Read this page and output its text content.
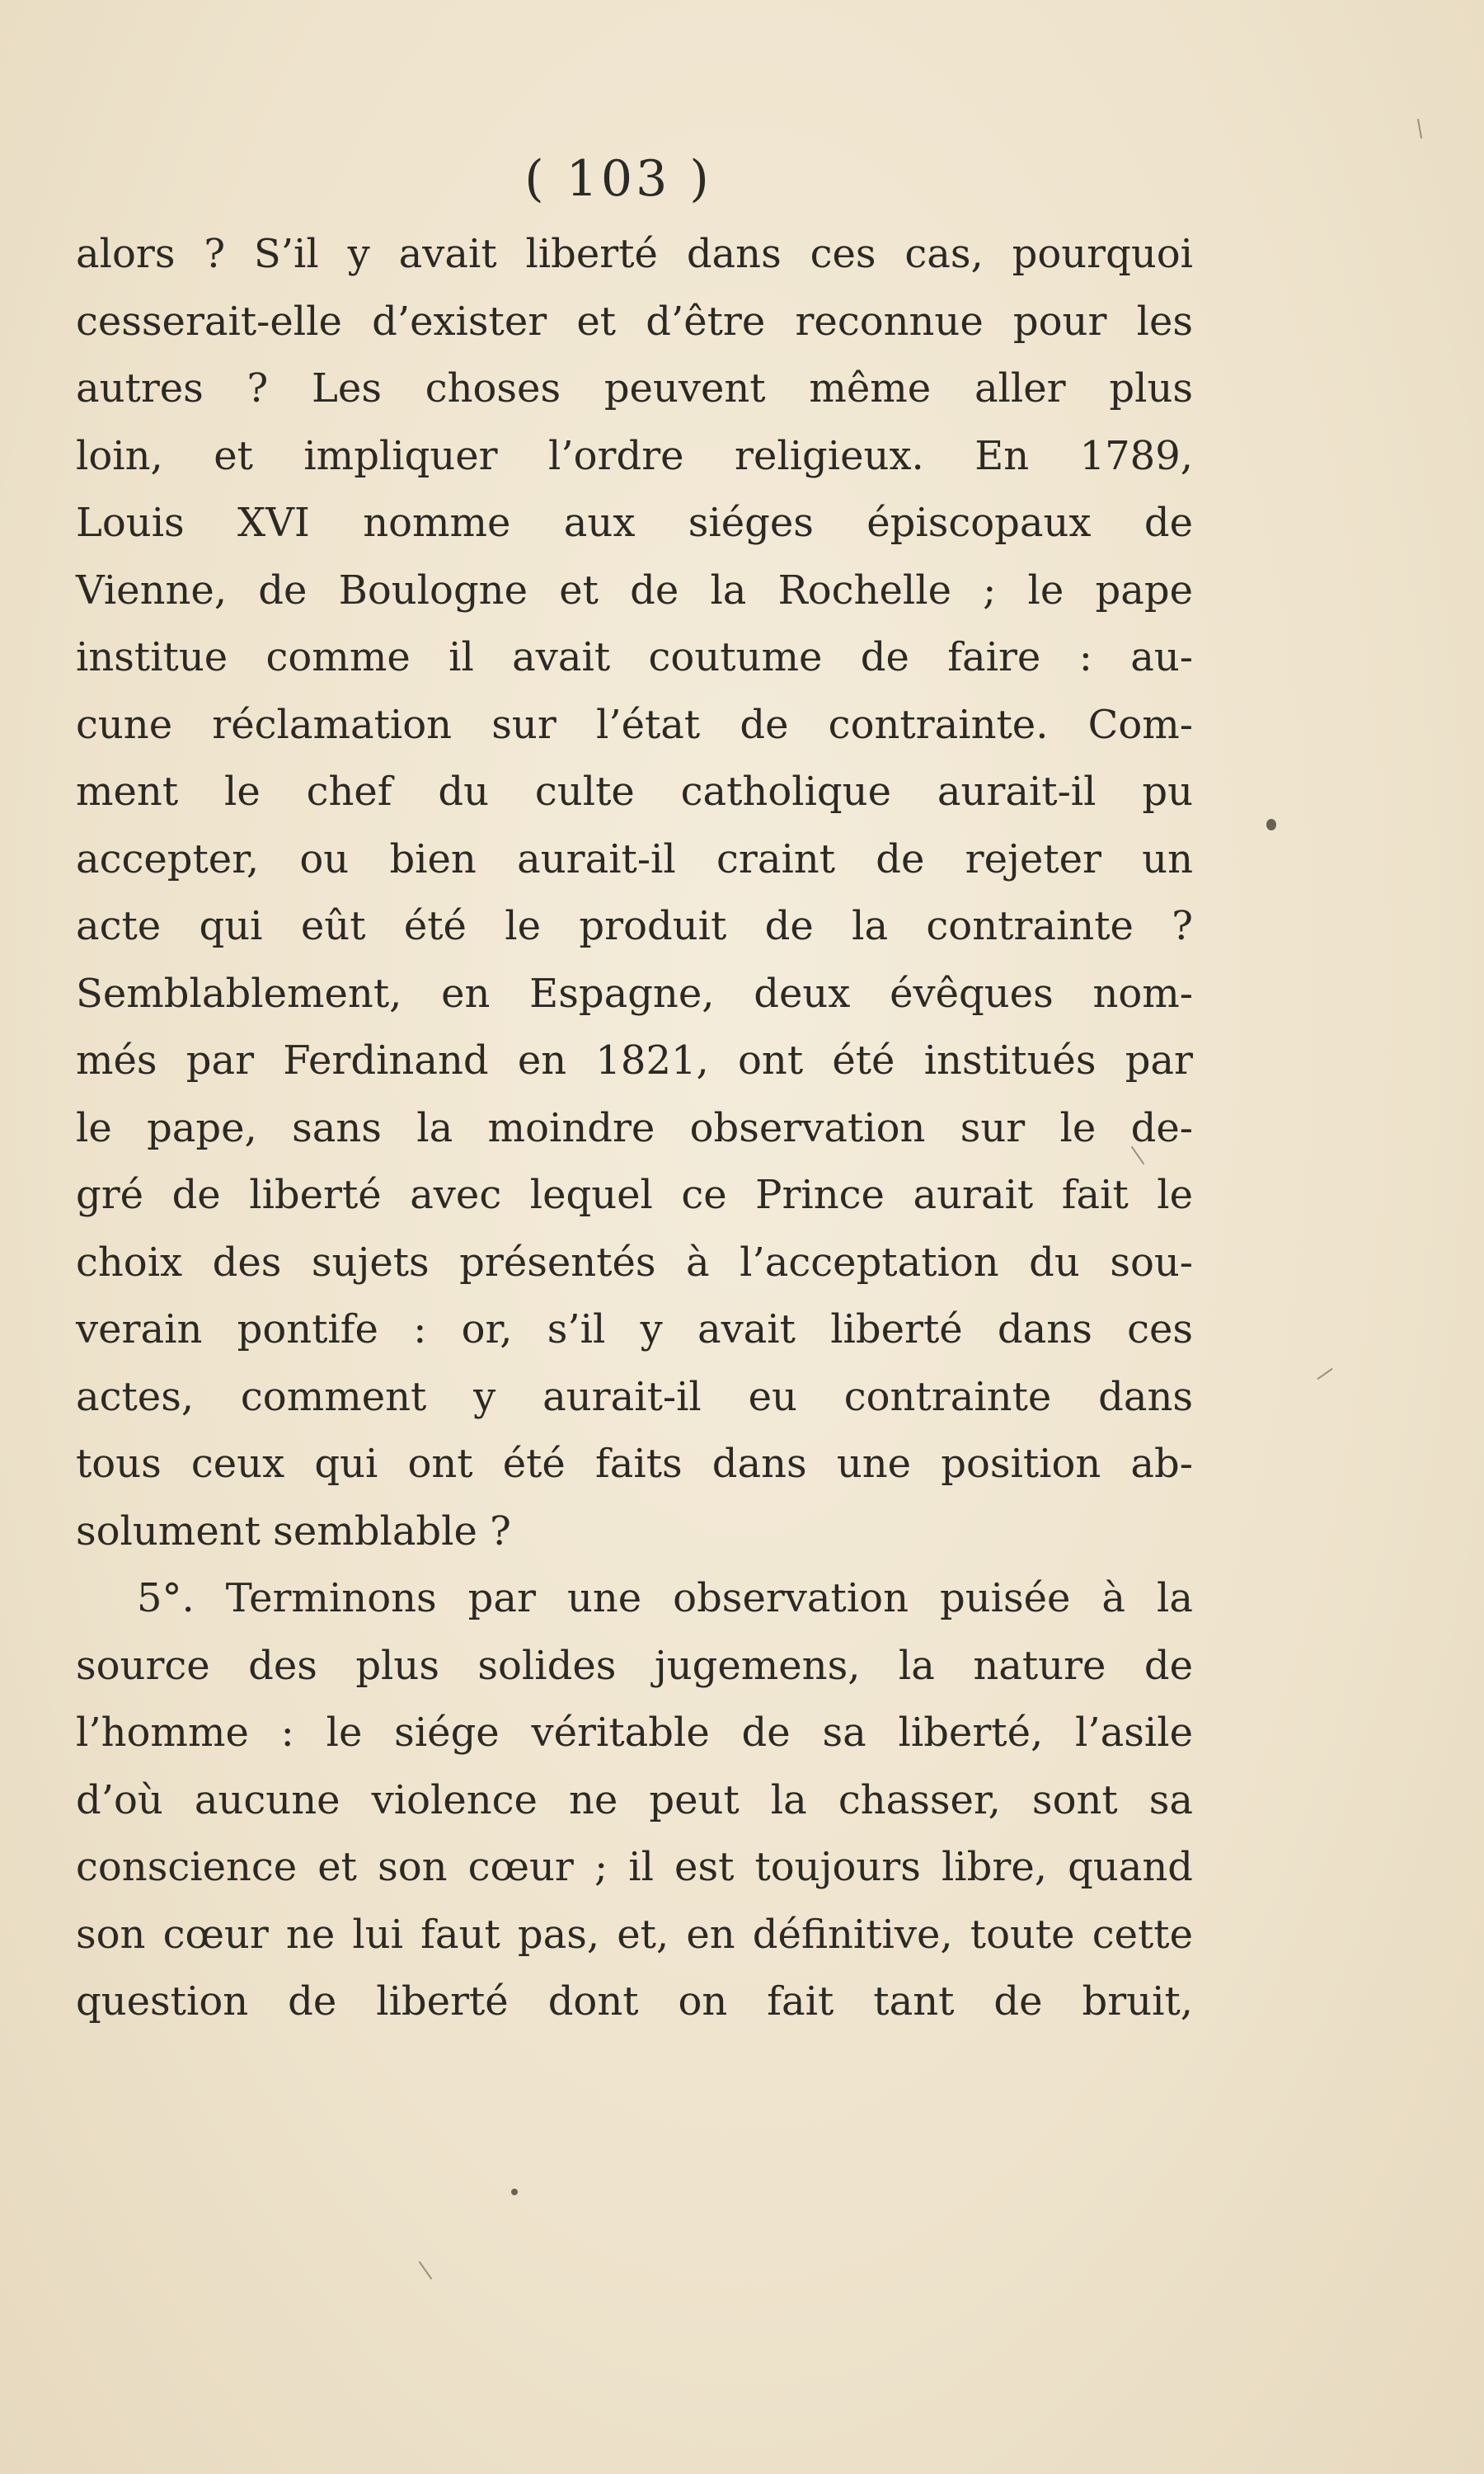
( 103 )
alors ? S’il y avait liberté dans ces cas, pourquoi
cesserait-elle d’exister et d’être reconnue pour les
autres ? Les choses peuvent même aller plus
loin, et impliquer l’ordre religieux. En 1789,
Louis XVI nomme aux siéges épiscopaux de
Vienne, de Boulogne et de la Rochelle ; le pape
institue comme il avait coutume de faire : au-
cune réclamation sur l’état de contrainte. Com-
ment le chef du culte catholique aurait-il pu
accepter, ou bien aurait-il craint de rejeter un
acte qui eût été le produit de la contrainte ?
Semblablement, en Espagne, deux évêques nom-
més par Ferdinand en 1821, ont été institués par
le pape, sans la moindre observation sur le de-
gré de liberté avec lequel ce Prince aurait fait le
choix des sujets présentés à l’acceptation du sou-
verain pontife : or, s’il y avait liberté dans ces
actes, comment y aurait-il eu contrainte dans
tous ceux qui ont été faits dans une position ab-
solument semblable ?
5°. Terminons par une observation puisée à la
source des plus solides jugemens, la nature de
l’homme : le siége véritable de sa liberté, l’asile
d’où aucune violence ne peut la chasser, sont sa
conscience et son cœur ; il est toujours libre, quand
son cœur ne lui faut pas, et, en définitive, toute cette
question de liberté dont on fait tant de bruit,
